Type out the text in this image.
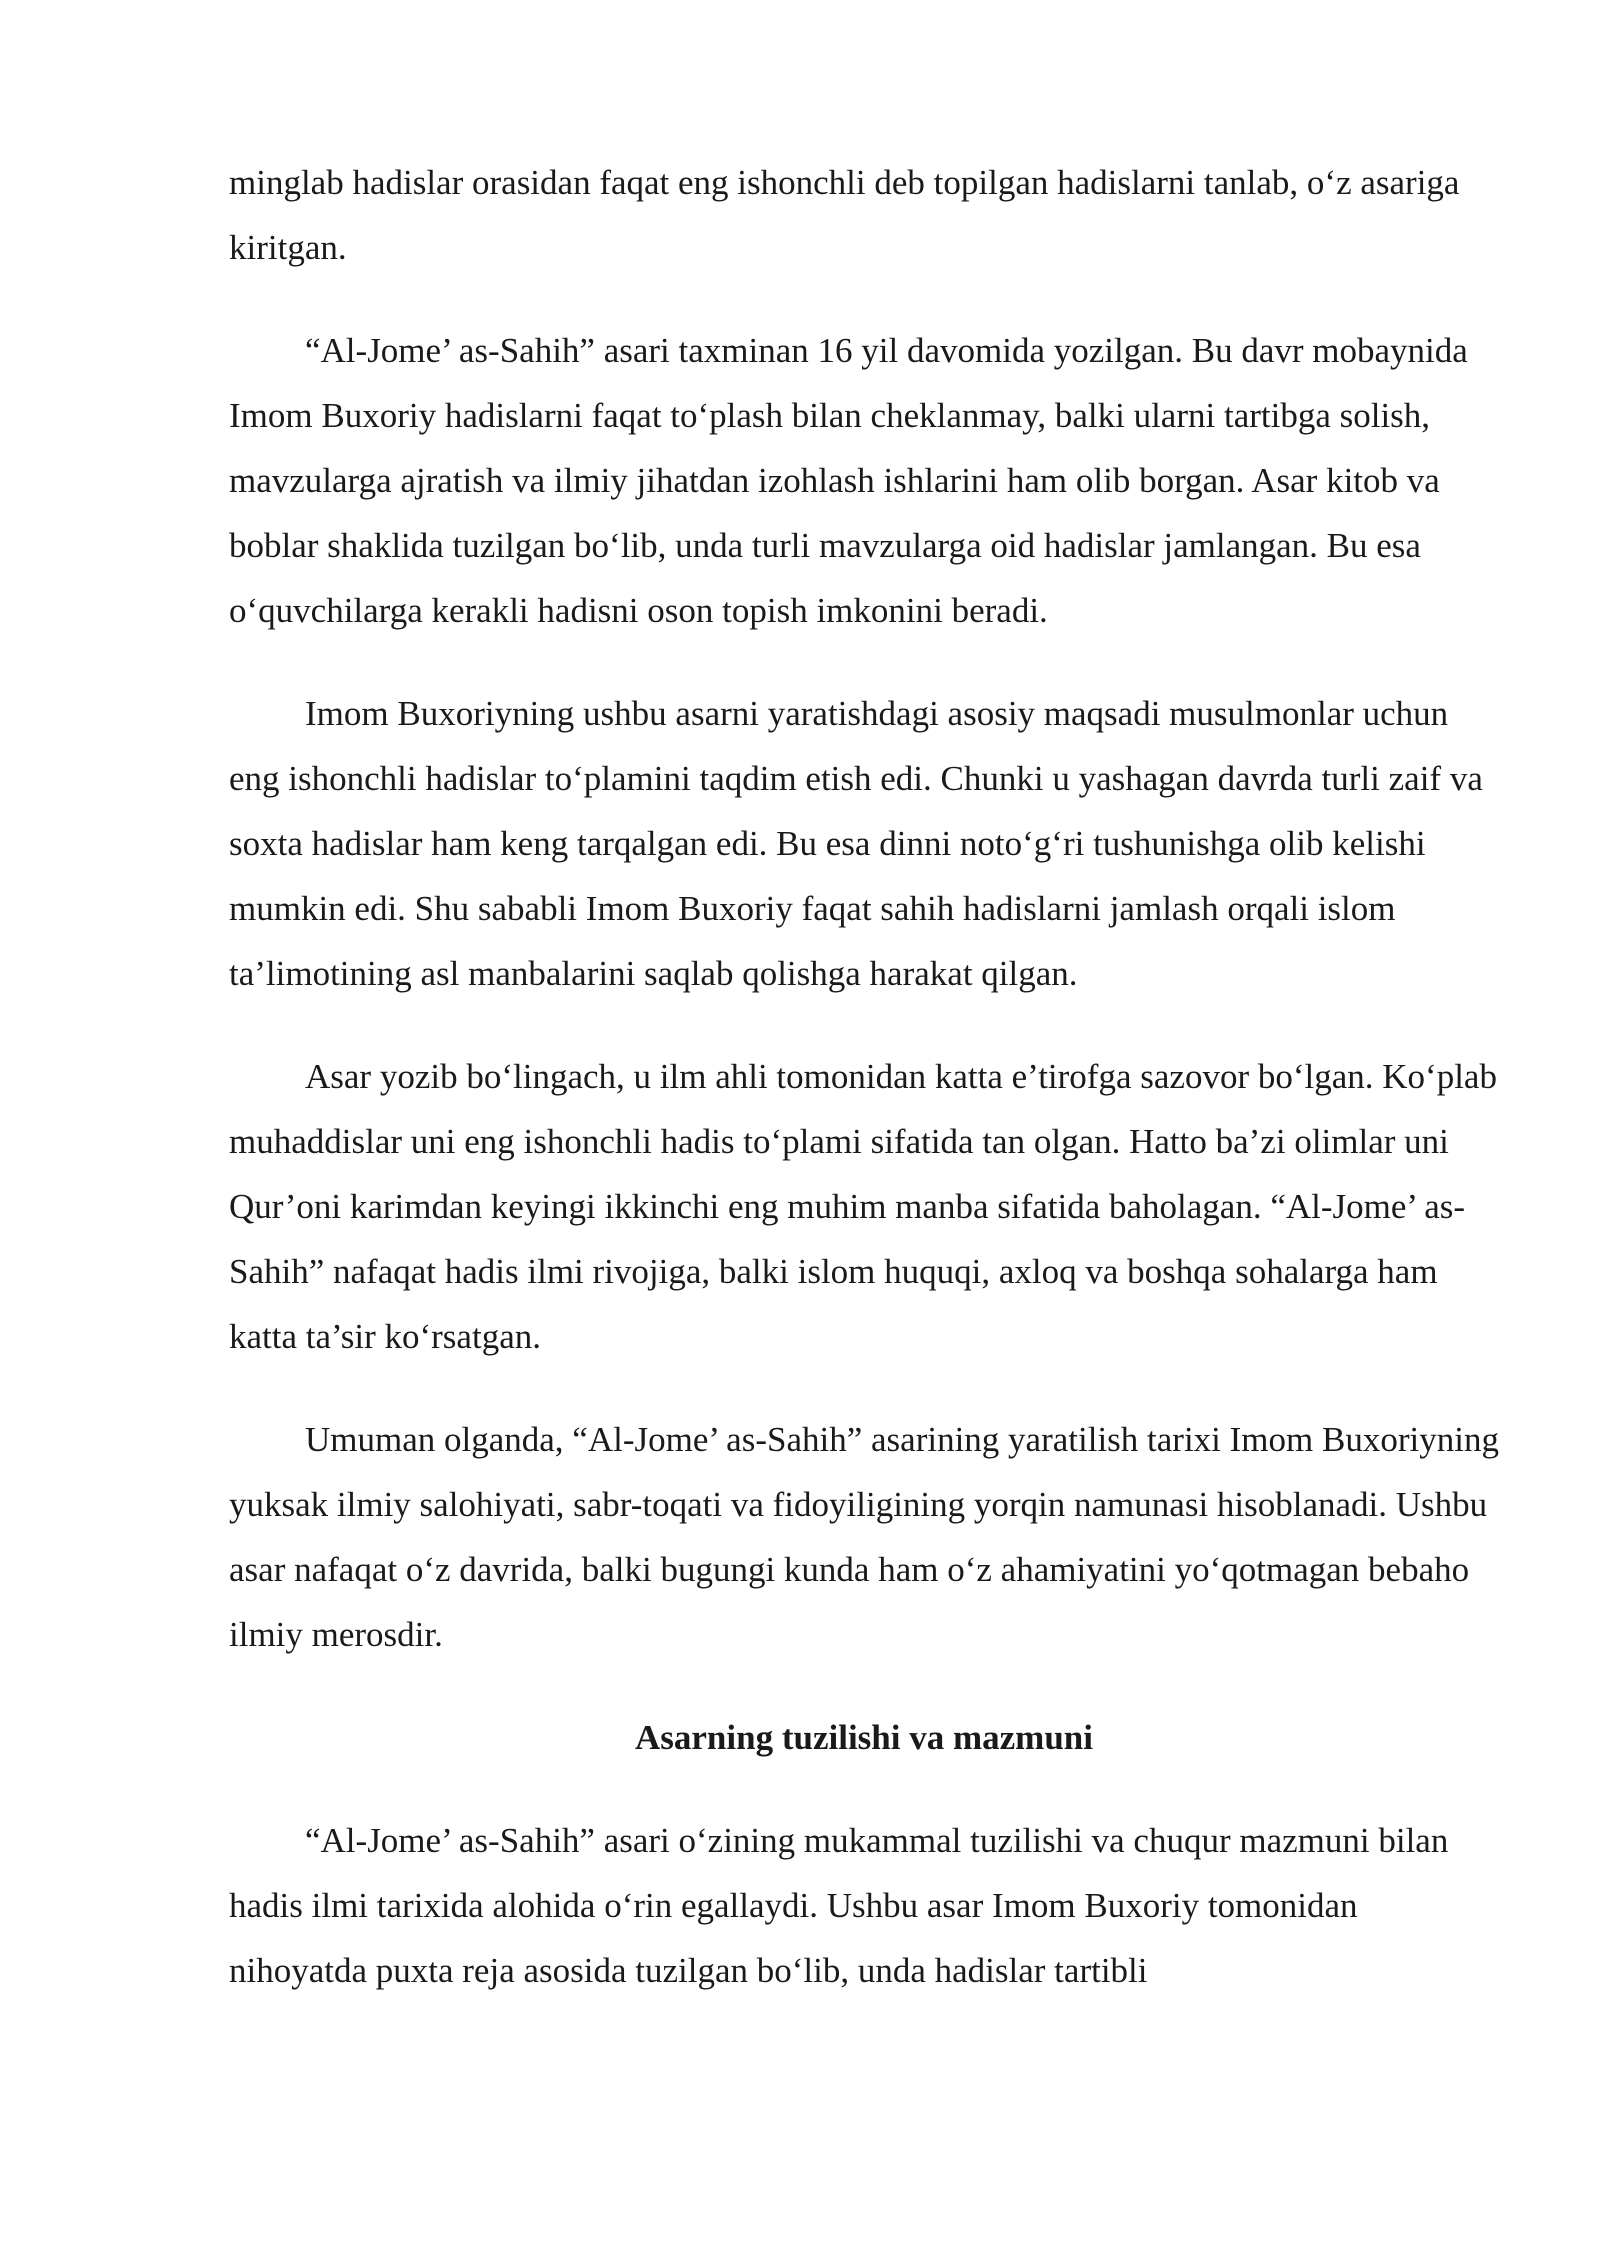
minglab hadislar orasidan faqat eng ishonchli deb topilgan hadislarni tanlab, o‘z asariga kiritgan.

“Al-Jome’ as-Sahih” asari taxminan 16 yil davomida yozilgan. Bu davr mobaynida Imom Buxoriy hadislarni faqat to‘plash bilan cheklanmay, balki ularni tartibga solish, mavzularga ajratish va ilmiy jihatdan izohlash ishlarini ham olib borgan. Asar kitob va boblar shaklida tuzilgan bo‘lib, unda turli mavzularga oid hadislar jamlangan. Bu esa o‘quvchilarga kerakli hadisni oson topish imkonini beradi.

Imom Buxoriyning ushbu asarni yaratishdagi asosiy maqsadi musulmonlar uchun eng ishonchli hadislar to‘plamini taqdim etish edi. Chunki u yashagan davrda turli zaif va soxta hadislar ham keng tarqalgan edi. Bu esa dinni noto‘g‘ri tushunishga olib kelishi mumkin edi. Shu sababli Imom Buxoriy faqat sahih hadislarni jamlash orqali islom ta’limotining asl manbalarini saqlab qolishga harakat qilgan.

Asar yozib bo‘lingach, u ilm ahli tomonidan katta e’tirofga sazovor bo‘lgan. Ko‘plab muhaddislar uni eng ishonchli hadis to‘plami sifatida tan olgan. Hatto ba’zi olimlar uni Qur’oni karimdan keyingi ikkinchi eng muhim manba sifatida baholagan. “Al-Jome’ as-Sahih” nafaqat hadis ilmi rivojiga, balki islom huquqi, axloq va boshqa sohalarga ham katta ta’sir ko‘rsatgan.

Umuman olganda, “Al-Jome’ as-Sahih” asarining yaratilish tarixi Imom Buxoriyning yuksak ilmiy salohiyati, sabr-toqati va fidoyiligining yorqin namunasi hisoblanadi. Ushbu asar nafaqat o‘z davrida, balki bugungi kunda ham o‘z ahamiyatini yo‘qotmagan bebaho ilmiy merosdir.

Asarning tuzilishi va mazmuni

“Al-Jome’ as-Sahih” asari o‘zining mukammal tuzilishi va chuqur mazmuni bilan hadis ilmi tarixida alohida o‘rin egallaydi. Ushbu asar Imom Buxoriy tomonidan nihoyatda puxta reja asosida tuzilgan bo‘lib, unda hadislar tartibli
